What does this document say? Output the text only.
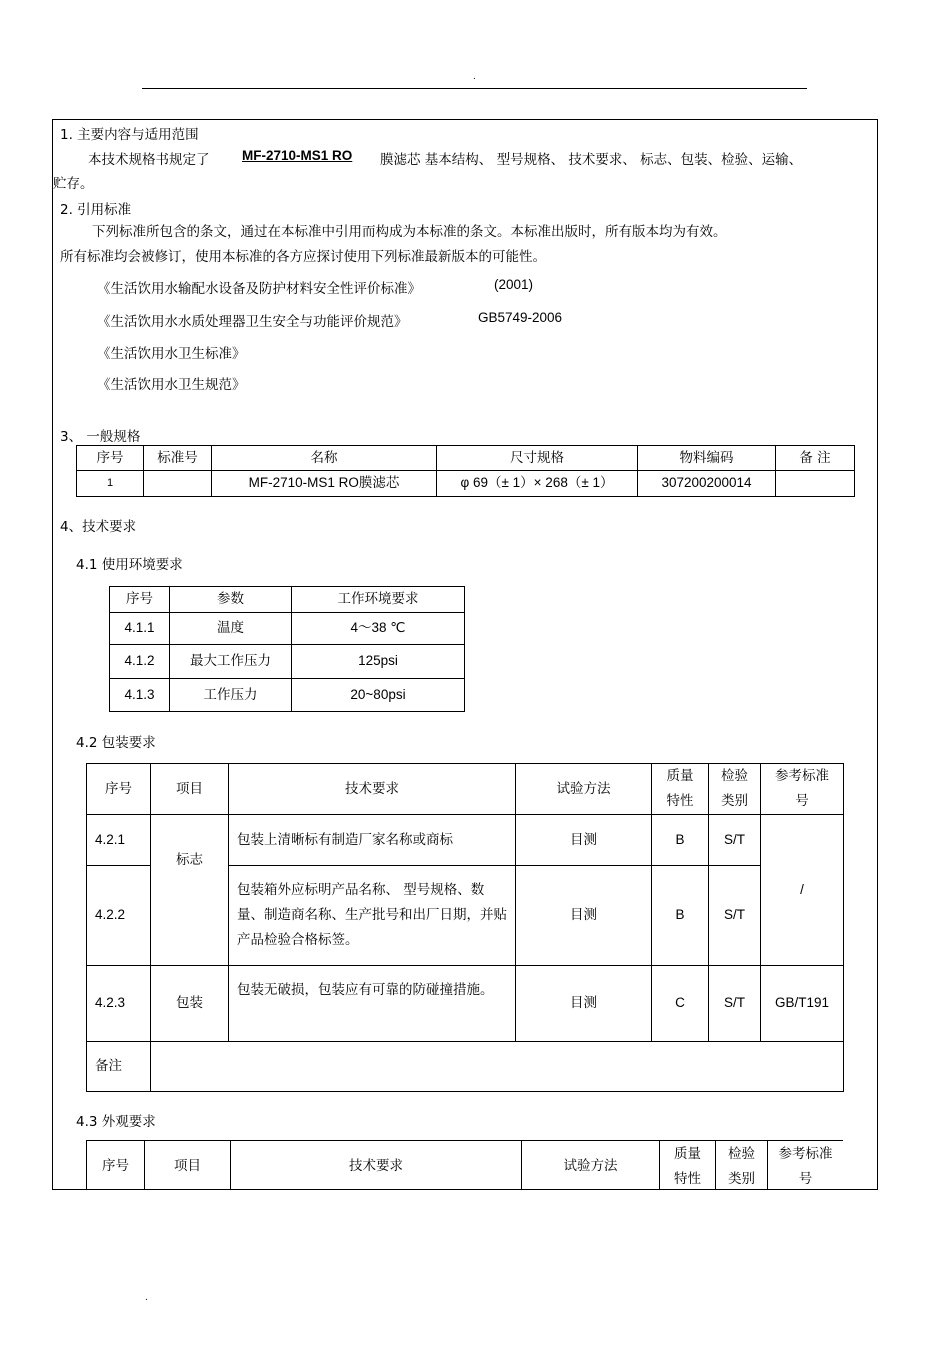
.
.
1. 主要内容与适用范围
本技术规格书规定了 MF-2710-MS1 RO	膜滤芯 基本结构、 型号规格、 技术要求、 标志、包装、检验、运输、
贮存。
2. 引用标准
下列标准所包含的条文，通过在本标准中引用而构成为本标准的条文。本标准出版时，所有版本均为有效。
所有标准均会被修订，使用本标准的各方应探讨使用下列标准最新版本的可能性。
《生活饮用水输配水设备及防护材料安全性评价标准》	(2001)
《生活饮用水水质处理器卫生安全与功能评价规范》	GB5749-2006
《生活饮用水卫生标准》
《生活饮用水卫生规范》
3、 一般规格
序号	标准号	名称	尺寸规格	物料编码	备 注
1		MF-2710-MS1 RO膜滤芯	φ 69（± 1）× 268（± 1）	307200200014	
4、技术要求
4.1 使用环境要求
序号	参数	工作环境要求
4.1.1	温度	4～38 ℃
4.1.2	最大工作压力	125psi
4.1.3	工作压力	20~80psi
4.2 包装要求
序号	项目	技术要求	试验方法	质量特性	检验类别	参考标准号
4.2.1	标志	包装上清晰标有制造厂家名称或商标	目测	B	S/T	/
4.2.2		包装箱外应标明产品名称、 型号规格、数量、制造商名称、生产批号和出厂日期，并贴产品检验合格标签。	目测	B	S/T	
4.2.3	包装	包装无破损，包装应有可靠的防碰撞措施。	目测	C	S/T	GB/T191
备注						
4.3 外观要求
序号	项目	技术要求	试验方法	质量特性	检验类别	参考标准号
